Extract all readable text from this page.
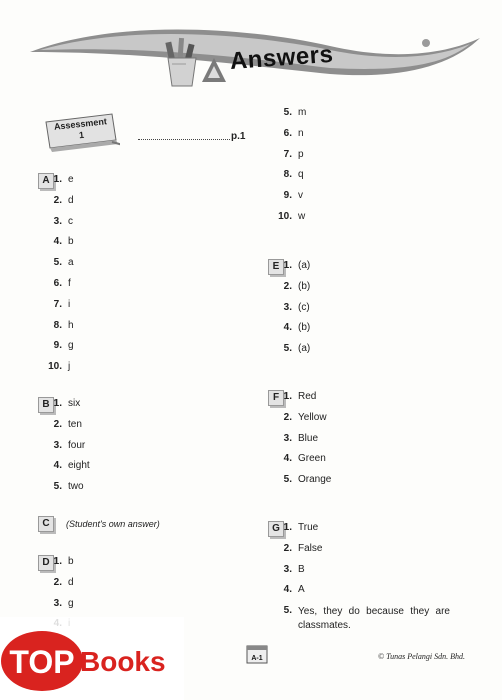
Answers
Assessment
1	p.1
A 1. e
2. d
3. c
4. b
5. a
6. f
7. i
8. h
9. g
10. j
B 1. six
2. ten
3. four
4. eight
5. two
C	(Student's own answer)
D 1. b
2. d
3. g
5. m
6. n
7. p
8. q
9. v
10. w
E 1. (a)
2. (b)
3. (c)
4. (b)
5. (a)
F 1. Red
2. Yellow
3. Blue
4. Green
5. Orange
G 1. True
2. False
3. B
4. A
5. Yes, they do because they are classmates.
TOP Books	A-1	© Tunas Pelangi Sdn. Bhd.
